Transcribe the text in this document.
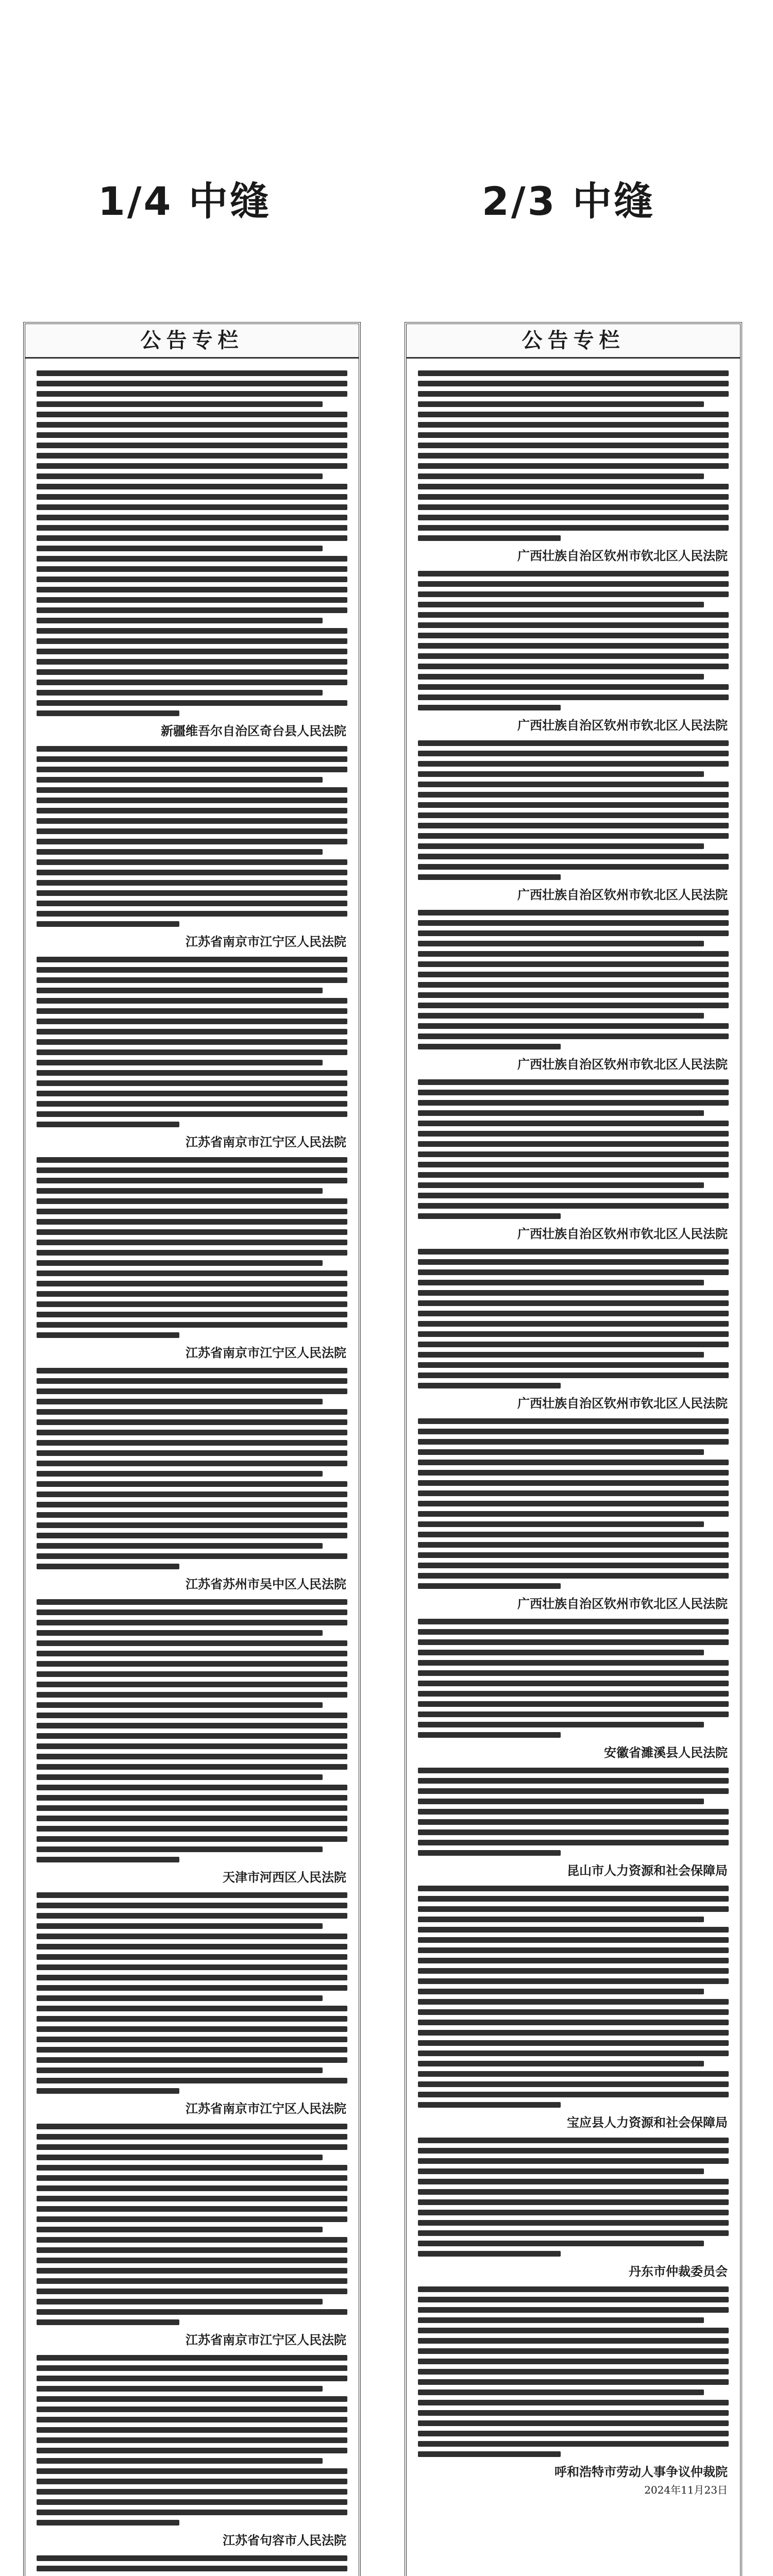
1/4 中缝	2/3 中缝
公告专栏
新疆维吾尔自治区奇台县人民法院
江苏省南京市江宁区人民法院
江苏省南京市江宁区人民法院
江苏省南京市江宁区人民法院
江苏省苏州市吴中区人民法院
天津市河西区人民法院
江苏省南京市江宁区人民法院
江苏省南京市江宁区人民法院
江苏省句容市人民法院
公告专栏
广西壮族自治区钦州市钦北区人民法院
广西壮族自治区钦州市钦北区人民法院
广西壮族自治区钦州市钦北区人民法院
广西壮族自治区钦州市钦北区人民法院
广西壮族自治区钦州市钦北区人民法院
广西壮族自治区钦州市钦北区人民法院
广西壮族自治区钦州市钦北区人民法院
安徽省濉溪县人民法院
昆山市人力资源和社会保障局
宝应县人力资源和社会保障局
丹东市仲裁委员会
呼和浩特市劳动人事争议仲裁院
2024年11月23日
